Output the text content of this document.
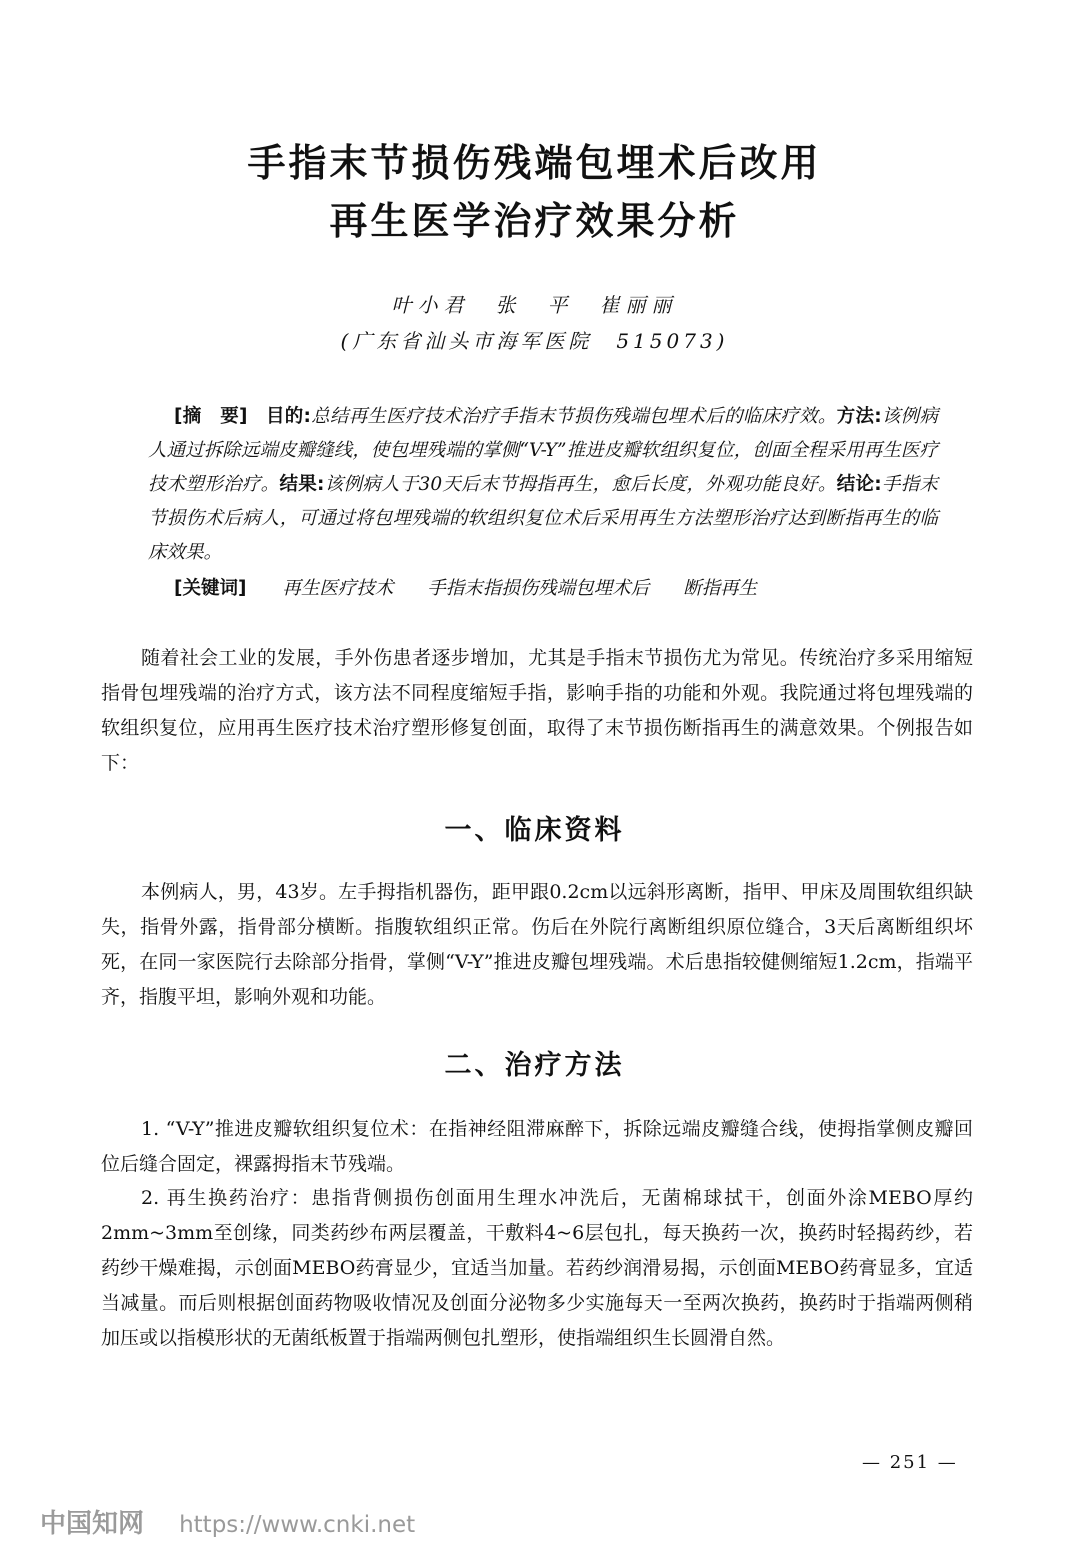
手指末节损伤残端包埋术后改用
再生医学治疗效果分析
叶小君　张　平　崔丽丽
(广东省汕头市海军医院　515073)
[摘　要] 目的:总结再生医疗技术治疗手指末节损伤残端包埋术后的临床疗效。方法:该例病人通过拆除远端皮瓣缝线，使包埋残端的掌侧“V-Y”推进皮瓣软组织复位，创面全程采用再生医疗技术塑形治疗。结果:该例病人于30天后末节拇指再生，愈后长度，外观功能良好。结论:手指末节损伤术后病人，可通过将包埋残端的软组织复位术后采用再生方法塑形治疗达到断指再生的临床效果。
[关键词] 再生医疗技术 手指末指损伤残端包埋术后 断指再生
随着社会工业的发展，手外伤患者逐步增加，尤其是手指末节损伤尤为常见。传统治疗多采用缩短指骨包埋残端的治疗方式，该方法不同程度缩短手指，影响手指的功能和外观。我院通过将包埋残端的软组织复位，应用再生医疗技术治疗塑形修复创面，取得了末节损伤断指再生的满意效果。个例报告如下：
一、临床资料
本例病人，男，43岁。左手拇指机器伤，距甲跟0.2cm以远斜形离断，指甲、甲床及周围软组织缺失，指骨外露，指骨部分横断。指腹软组织正常。伤后在外院行离断组织原位缝合，3天后离断组织坏死，在同一家医院行去除部分指骨，掌侧“V-Y”推进皮瓣包埋残端。术后患指较健侧缩短1.2cm，指端平齐，指腹平坦，影响外观和功能。
二、治疗方法
1. “V-Y”推进皮瓣软组织复位术：在指神经阻滞麻醉下，拆除远端皮瓣缝合线，使拇指掌侧皮瓣回位后缝合固定，裸露拇指末节残端。
2. 再生换药治疗：患指背侧损伤创面用生理水冲洗后，无菌棉球拭干，创面外涂MEBO厚约2mm~3mm至创缘，同类药纱布两层覆盖，干敷料4~6层包扎，每天换药一次，换药时轻揭药纱，若药纱干燥难揭，示创面MEBO药膏显少，宜适当加量。若药纱润滑易揭，示创面MEBO药膏显多，宜适当减量。而后则根据创面药物吸收情况及创面分泌物多少实施每天一至两次换药，换药时于指端两侧稍加压或以指模形状的无菌纸板置于指端两侧包扎塑形，使指端组织生长圆滑自然。
— 251 —
中国知网 https://www.cnki.net
